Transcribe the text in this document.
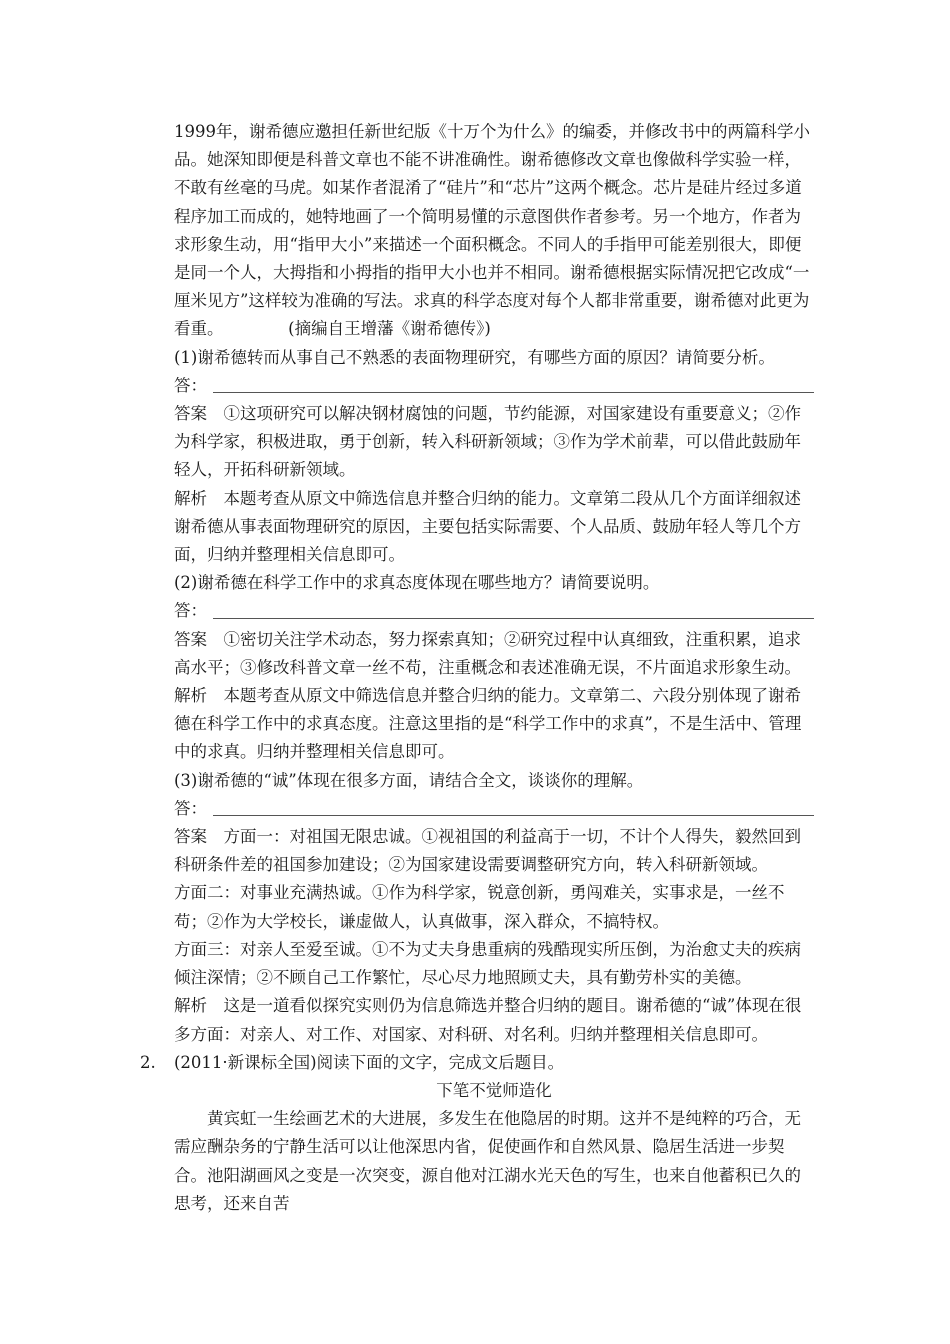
1999年，谢希德应邀担任新世纪版《十万个为什么》的编委，并修改书中的两篇科学小品。她深知即便是科普文章也不能不讲准确性。谢希德修改文章也像做科学实验一样，不敢有丝毫的马虎。如某作者混淆了“硅片”和“芯片”这两个概念。芯片是硅片经过多道程序加工而成的，她特地画了一个简明易懂的示意图供作者参考。另一个地方，作者为求形象生动，用“指甲大小”来描述一个面积概念。不同人的手指甲可能差别很大，即便是同一个人，大拇指和小拇指的指甲大小也并不相同。谢希德根据实际情况把它改成“一厘米见方”这样较为准确的写法。求真的科学态度对每个人都非常重要，谢希德对此更为看重。	(摘编自王增藩《谢希德传》)

(1)谢希德转而从事自己不熟悉的表面物理研究，有哪些方面的原因？请简要分析。

答：

答案　①这项研究可以解决钢材腐蚀的问题，节约能源，对国家建设有重要意义；②作为科学家，积极进取，勇于创新，转入科研新领域；③作为学术前辈，可以借此鼓励年轻人，开拓科研新领域。

解析　本题考查从原文中筛选信息并整合归纳的能力。文章第二段从几个方面详细叙述谢希德从事表面物理研究的原因，主要包括实际需要、个人品质、鼓励年轻人等几个方面，归纳并整理相关信息即可。

(2)谢希德在科学工作中的求真态度体现在哪些地方？请简要说明。

答：

答案　①密切关注学术动态，努力探索真知；②研究过程中认真细致，注重积累，追求高水平；③修改科普文章一丝不苟，注重概念和表述准确无误，不片面追求形象生动。

解析　本题考查从原文中筛选信息并整合归纳的能力。文章第二、六段分别体现了谢希德在科学工作中的求真态度。注意这里指的是“科学工作中的求真”，不是生活中、管理中的求真。归纳并整理相关信息即可。

(3)谢希德的“诚”体现在很多方面，请结合全文，谈谈你的理解。

答：

答案　方面一：对祖国无限忠诚。①视祖国的利益高于一切，不计个人得失，毅然回到科研条件差的祖国参加建设；②为国家建设需要调整研究方向，转入科研新领域。

方面二：对事业充满热诚。①作为科学家，锐意创新，勇闯难关，实事求是，一丝不苟；②作为大学校长，谦虚做人，认真做事，深入群众，不搞特权。

方面三：对亲人至爱至诚。①不为丈夫身患重病的残酷现实所压倒，为治愈丈夫的疾病倾注深情；②不顾自己工作繁忙，尽心尽力地照顾丈夫，具有勤劳朴实的美德。

解析　这是一道看似探究实则仍为信息筛选并整合归纳的题目。谢希德的“诚”体现在很多方面：对亲人、对工作、对国家、对科研、对名利。归纳并整理相关信息即可。

2. (2011·新课标全国)阅读下面的文字，完成文后题目。

下笔不觉师造化

黄宾虹一生绘画艺术的大进展，多发生在他隐居的时期。这并不是纯粹的巧合，无需应酬杂务的宁静生活可以让他深思内省，促使画作和自然风景、隐居生活进一步契合。池阳湖画风之变是一次突变，源自他对江湖水光天色的写生，也来自他蓄积已久的思考，还来自苦
